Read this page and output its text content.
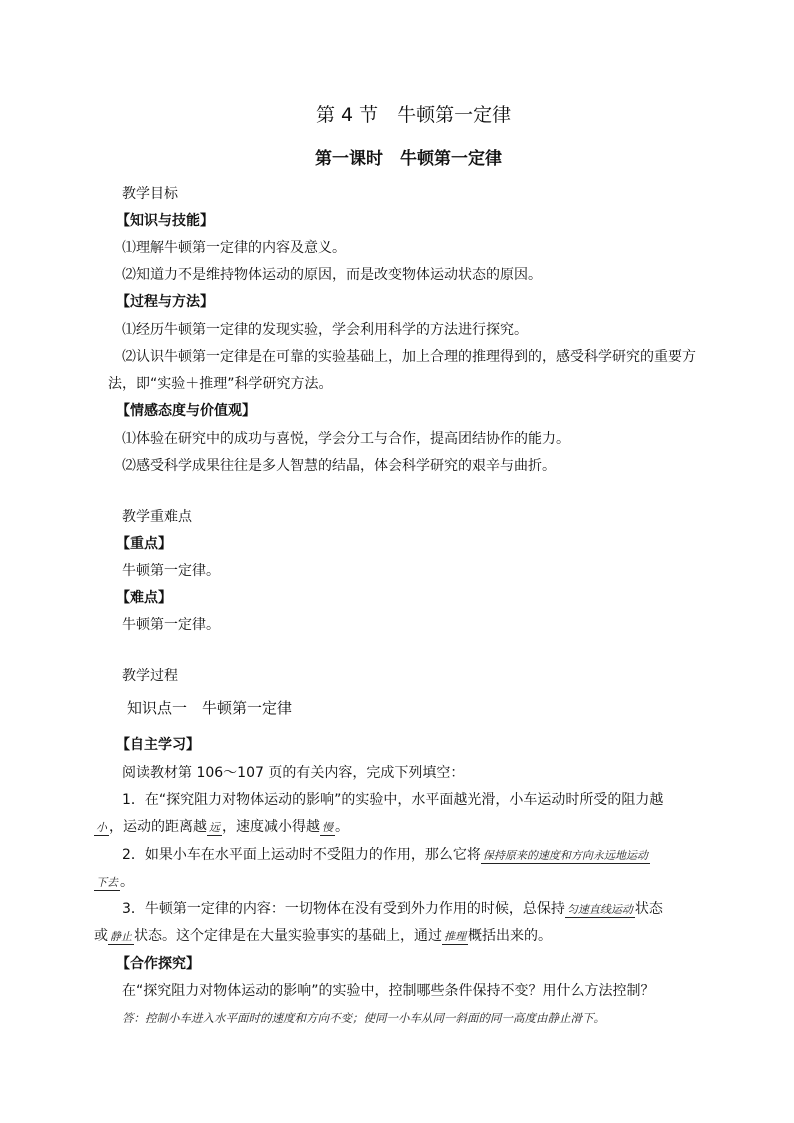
第 4 节　牛顿第一定律
第一课时　牛顿第一定律
教学目标
【知识与技能】
⑴理解牛顿第一定律的内容及意义。
⑵知道力不是维持物体运动的原因，而是改变物体运动状态的原因。
【过程与方法】
⑴经历牛顿第一定律的发现实验，学会利用科学的方法进行探究。
⑵认识牛顿第一定律是在可靠的实验基础上，加上合理的推理得到的，感受科学研究的重要方
法，即“实验＋推理”科学研究方法。
【情感态度与价值观】
⑴体验在研究中的成功与喜悦，学会分工与合作，提高团结协作的能力。
⑵感受科学成果往往是多人智慧的结晶，体会科学研究的艰辛与曲折。
教学重难点
【重点】
牛顿第一定律。
【难点】
牛顿第一定律。
教学过程
知识点一　牛顿第一定律
【自主学习】
阅读教材第 106～107 页的有关内容，完成下列填空：
1．在“探究阻力对物体运动的影响”的实验中，水平面越光滑，小车运动时所受的阻力越
小 ，运动的距离越 远 ，速度减小得越 慢 。
2．如果小车在水平面上运动时不受阻力的作用，那么它将 保持原来的速度和方向永远地运动
下去 。
3．牛顿第一定律的内容：一切物体在没有受到外力作用的时候，总保持 匀速直线运动 状态
或 静止 状态。这个定律是在大量实验事实的基础上，通过 推理 概括出来的。
【合作探究】
在“探究阻力对物体运动的影响”的实验中，控制哪些条件保持不变？用什么方法控制？
答：控制小车进入水平面时的速度和方向不变；使同一小车从同一斜面的同一高度由静止滑下。
